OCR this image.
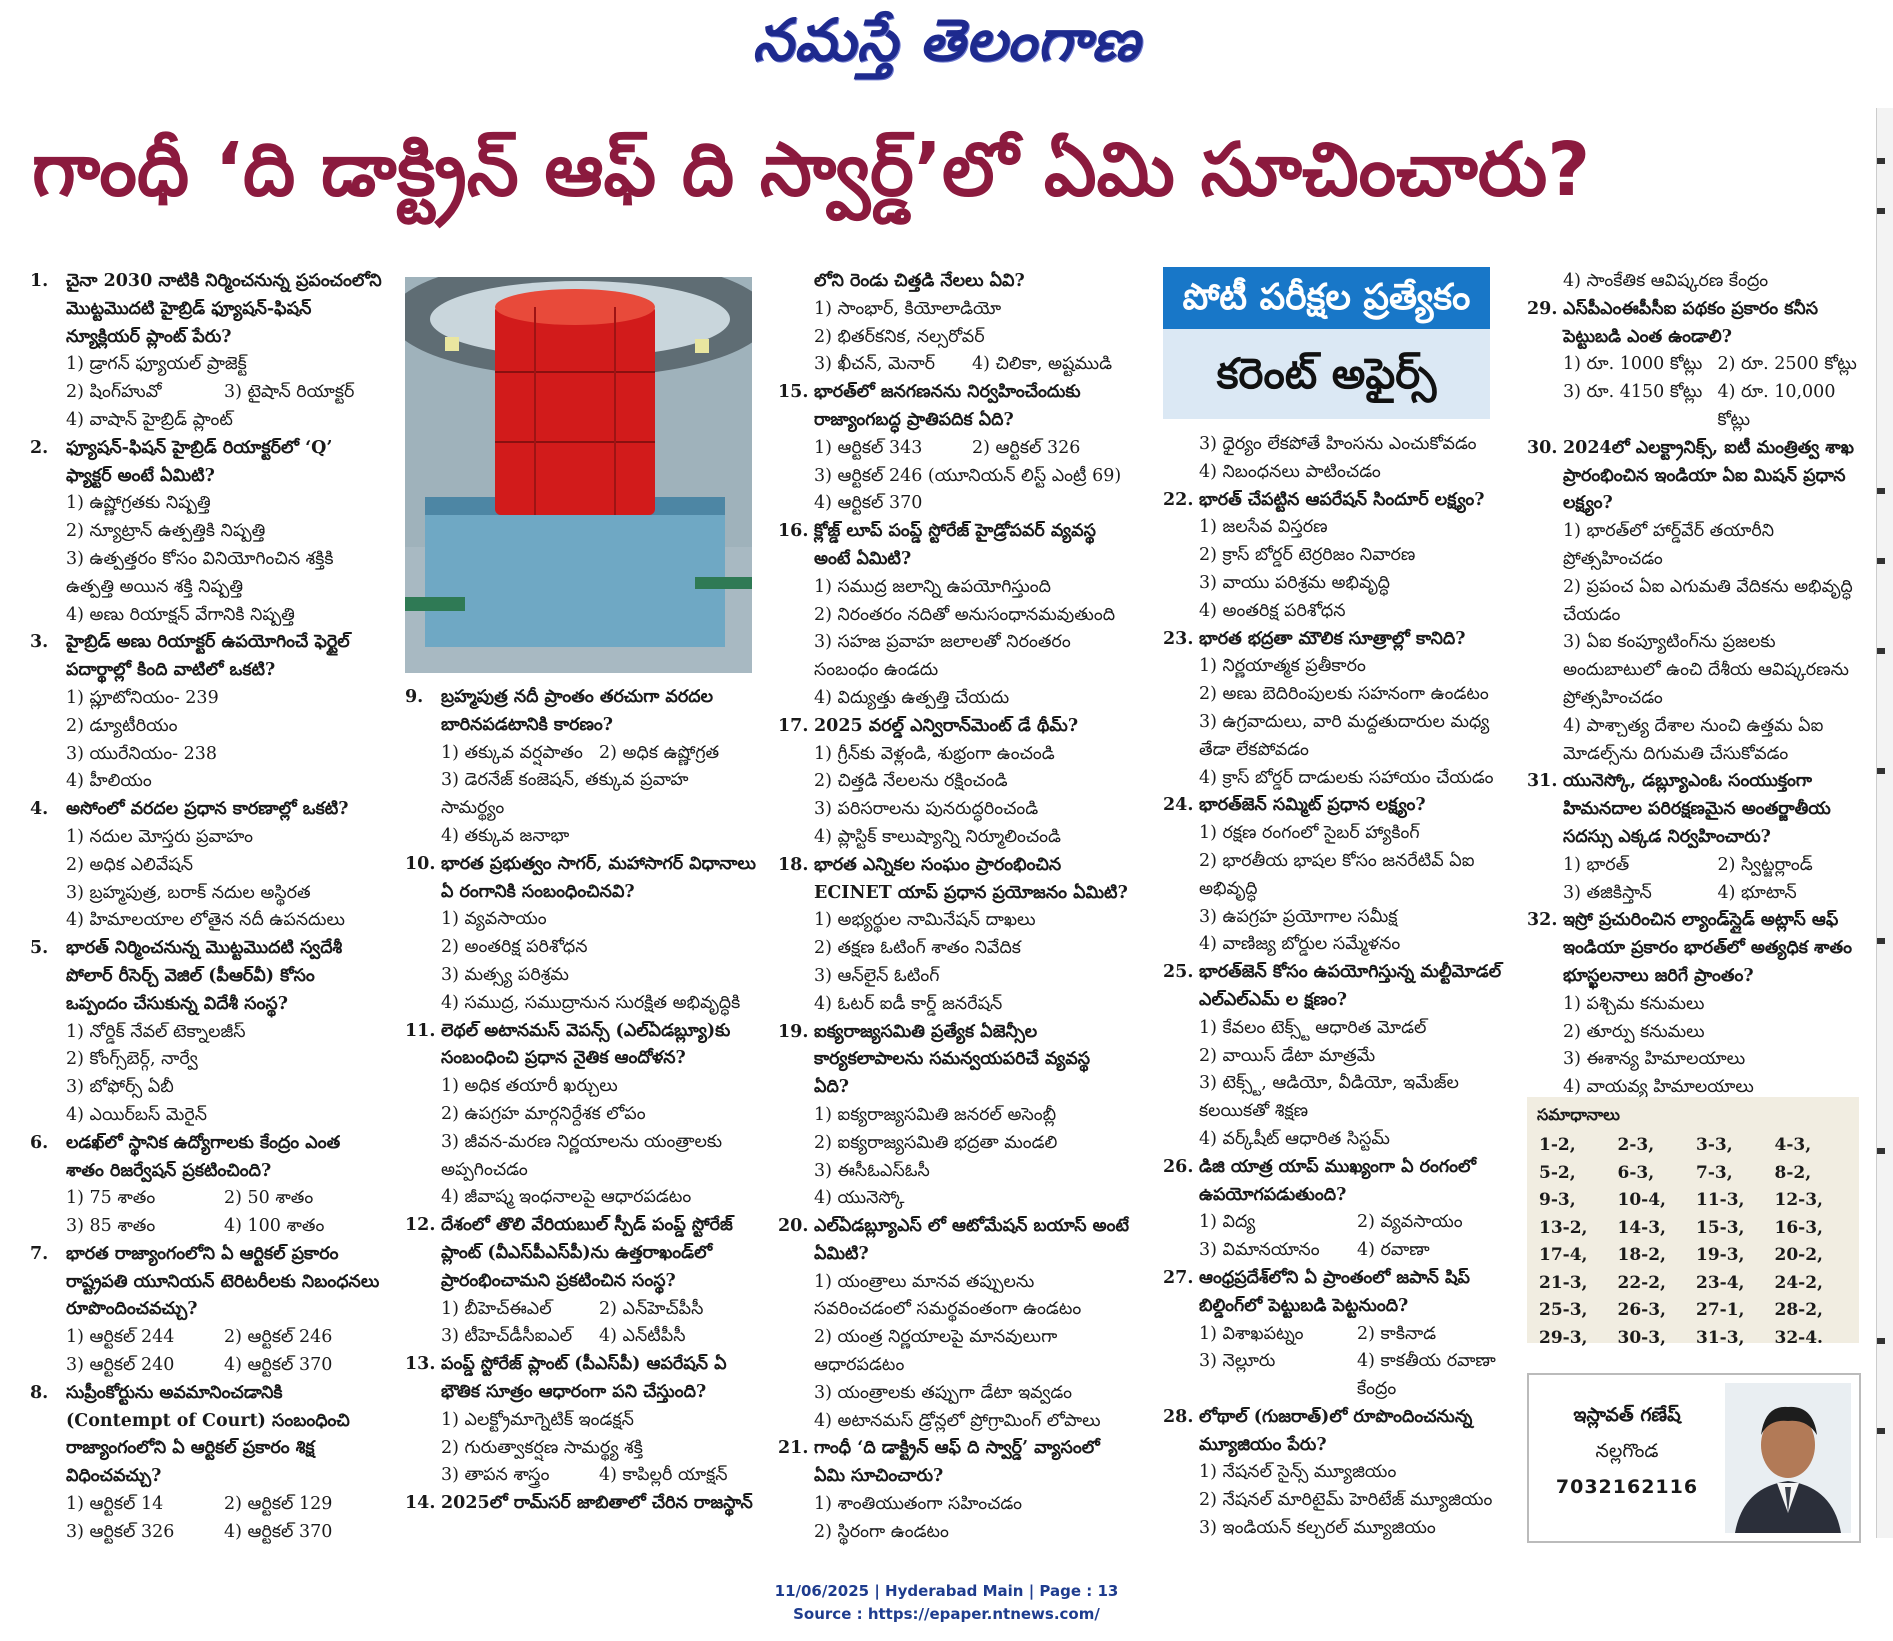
నమస్తే తెలంగాణ
గాంధీ ‘ది డాక్ట్రిన్ ఆఫ్ ది స్వార్డ్’లో ఏమి సూచించారు?

1.	చైనా 2030 నాటికి నిర్మించనున్న ప్రపంచంలోని మొట్టమొదటి హైబ్రిడ్ ఫ్యూషన్-ఫిషన్ న్యూక్లియర్ ప్లాంట్ పేరు?

1) డ్రాగన్ ఫ్యూయల్ ప్రాజెక్ట్

2) షింగ్‌హువో	3) టైషాన్ రియాక్టర్

4) వాషాన్ హైబ్రిడ్ ప్లాంట్

2.	ఫ్యూషన్-ఫిషన్ హైబ్రిడ్ రియాక్టర్‌లో ‘Q’ ఫ్యాక్టర్ అంటే ఏమిటి?

1) ఉష్ణోగ్రతకు నిష్పత్తి

2) న్యూట్రాన్ ఉత్పత్తికి నిష్పత్తి

3) ఉత్పత్తరం కోసం వినియోగించిన శక్తికి ఉత్పత్తి అయిన శక్తి నిష్పత్తి

4) అణు రియాక్షన్ వేగానికి నిష్పత్తి

3.	హైబ్రిడ్ అణు రియాక్టర్ ఉపయోగించే ఫెర్టైల్ పదార్థాల్లో కింది వాటిలో ఒకటి?

1) ప్లూటోనియం- 239

2) డ్యూటీరియం

3) యురేనియం- 238

4) హీలియం

4.	అసోంలో వరదల ప్రధాన కారణాల్లో ఒకటి?

1) నదుల మోస్తరు ప్రవాహం

2) అధిక ఎలివేషన్

3) బ్రహ్మపుత్ర, బరాక్ నదుల అస్థిరత

4) హిమాలయాల లోతైన నదీ ఉపనదులు

5.	భారత్ నిర్మించనున్న మొట్టమొదటి స్వదేశీ పోలార్ రీసెర్చ్ వెజిల్ (పీఆర్‌వీ) కోసం ఒప్పందం చేసుకున్న విదేశీ సంస్థ?

1) నోర్డిక్ నేవల్ టెక్నాలజీస్

2) కోంగ్స్‌బెర్గ్, నార్వే

3) బోఫోర్స్ ఏబీ

4) ఎయిర్‌బస్ మెరైన్

6.	లడఖ్‌లో స్థానిక ఉద్యోగాలకు కేంద్రం ఎంత శాతం రిజర్వేషన్ ప్రకటించింది?

1) 75 శాతం	2) 50 శాతం

3) 85 శాతం	4) 100 శాతం

7.	భారత రాజ్యాంగంలోని ఏ ఆర్టికల్ ప్రకారం రాష్ట్రపతి యూనియన్ టెరిటరీలకు నిబంధనలు రూపొందించవచ్చు?

1) ఆర్టికల్ 244	2) ఆర్టికల్ 246

3) ఆర్టికల్ 240	4) ఆర్టికల్ 370

8.	సుప్రీంకోర్టును అవమానించడానికి (Contempt of Court) సంబంధించి రాజ్యాంగంలోని ఏ ఆర్టికల్ ప్రకారం శిక్ష విధించవచ్చు?

1) ఆర్టికల్ 14	2) ఆర్టికల్ 129

3) ఆర్టికల్ 326	4) ఆర్టికల్ 370

9.	బ్రహ్మపుత్ర నదీ ప్రాంతం తరచుగా వరదల బారినపడటానికి కారణం?

1) తక్కువ వర్షపాతం 2) అధిక ఉష్ణోగ్రత

3) డెరనేజ్ కంజెషన్, తక్కువ ప్రవాహ సామర్థ్యం

4) తక్కువ జనాభా

10. భారత ప్రభుత్వం సాగర్, మహాసాగర్ విధానాలు ఏ రంగానికి సంబంధించినవి?

1) వ్యవసాయం

2) అంతరిక్ష పరిశోధన

3) మత్స్య పరిశ్రమ

4) సముద్ర, సముద్రానున సురక్షిత అభివృద్ధికి

11. లెథల్ అటానమస్ వెపన్స్ (ఎల్ఏడబ్ల్యూ)కు సంబంధించి ప్రధాన నైతిక ఆందోళన?

1) అధిక తయారీ ఖర్చులు

2) ఉపగ్రహ మార్గనిర్దేశక లోపం

3) జీవన-మరణ నిర్ణయాలను యంత్రాలకు అప్పగించడం

4) జీవాష్మ ఇంధనాలపై ఆధారపడటం

12. దేశంలో తొలి వేరియబుల్ స్పీడ్ పంప్డ్ స్టోరేజ్ ప్లాంట్ (వీఎస్‌పీఎస్‌పీ)ను ఉత్తరాఖండ్‌లో ప్రారంభించామని ప్రకటించిన సంస్థ?

1) బీహెచ్ఈఎల్	2) ఎన్‌హెచ్‌పీసీ

3) టీహెచ్‌డీసీఐఎల్	4) ఎన్‌టీపీసీ

13. పంప్డ్ స్టోరేజ్ ప్లాంట్ (పీఎస్‌పీ) ఆపరేషన్ ఏ భౌతిక సూత్రం ఆధారంగా పని చేస్తుంది?

1) ఎలక్ట్రోమాగ్నెటిక్ ఇండక్షన్

2) గురుత్వాకర్షణ సామర్థ్య శక్తి

3) తాపన శాస్త్రం	4) కాపిల్లరీ యాక్షన్

14. 2025లో రామ్‌సర్ జాబితాలో చేరిన రాజస్థాన్

లోని రెండు చిత్తడి నేలలు ఏవి?

1) సాంభార్, కియోలాడియో

2) భితర్‌కనిక, నల్సరోవర్

3) ఖీచన్, మెనార్	4) చిలికా, అష్టముడి

15. భారత్‌లో జనగణనను నిర్వహించేందుకు రాజ్యాంగబద్ధ ప్రాతిపదిక ఏది?

1) ఆర్టికల్ 343	2) ఆర్టికల్ 326

3) ఆర్టికల్ 246 (యూనియన్ లిస్ట్ ఎంట్రీ 69)

4) ఆర్టికల్ 370

16. క్లోజ్డ్ లూప్ పంప్డ్ స్టోరేజ్ హైడ్రోపవర్ వ్యవస్థ అంటే ఏమిటి?

1) సముద్ర జలాన్ని ఉపయోగిస్తుంది

2) నిరంతరం నదితో అనుసంధానమవుతుంది

3) సహజ ప్రవాహ జలాలతో నిరంతరం సంబంధం ఉండదు

4) విద్యుత్తు ఉత్పత్తి చేయదు

17. 2025 వరల్డ్ ఎన్విరాన్‌మెంట్ డే థీమ్?

1) గ్రీన్‌కు వెళ్లండి, శుభ్రంగా ఉంచండి

2) చిత్తడి నేలలను రక్షించండి

3) పరిసరాలను పునరుద్ధరించండి

4) ప్లాస్టిక్ కాలుష్యాన్ని నిర్మూలించండి

18. భారత ఎన్నికల సంఘం ప్రారంభించిన ECINET యాప్ ప్రధాన ప్రయోజనం ఏమిటి?

1) అభ్యర్థుల నామినేషన్ దాఖలు

2) తక్షణ ఓటింగ్ శాతం నివేదిక

3) ఆన్‌లైన్ ఓటింగ్

4) ఓటర్ ఐడీ కార్డ్ జనరేషన్

19. ఐక్యరాజ్యసమితి ప్రత్యేక ఏజెన్సీల కార్యకలాపాలను సమన్వయపరిచే వ్యవస్థ ఏది?

1) ఐక్యరాజ్యసమితి జనరల్ అసెంబ్లీ

2) ఐక్యరాజ్యసమితి భద్రతా మండలి

3) ఈసీఓఎస్ఓసీ

4) యునెస్కో

20. ఎల్ఏడబ్ల్యూఎస్ లో ఆటోమేషన్ బయాస్ అంటే ఏమిటి?

1) యంత్రాలు మానవ తప్పులను సవరించడంలో సమర్థవంతంగా ఉండటం

2) యంత్ర నిర్ణయాలపై మానవులుగా ఆధారపడటం

3) యంత్రాలకు తప్పుగా డేటా ఇవ్వడం

4) అటానమస్ డ్రోన్లలో ప్రోగ్రామింగ్ లోపాలు

21. గాంధీ ‘ది డాక్ట్రిన్ ఆఫ్ ది స్వార్డ్’ వ్యాసంలో ఏమి సూచించారు?

1) శాంతియుతంగా సహించడం

2) స్థిరంగా ఉండటం

పోటీ పరీక్షల ప్రత్యేకం
కరెంట్ అఫైర్స్

3) ధైర్యం లేకపోతే హింసను ఎంచుకోవడం

4) నిబంధనలు పాటించడం

22. భారత్ చేపట్టిన ఆపరేషన్ సిందూర్ లక్ష్యం?

1) జలసేవ విస్తరణ

2) క్రాస్ బోర్డర్ టెర్రరిజం నివారణ

3) వాయు పరిశ్రమ అభివృద్ధి

4) అంతరిక్ష పరిశోధన

23. భారత భద్రతా మౌలిక సూత్రాల్లో కానిది?

1) నిర్ణయాత్మక ప్రతీకారం

2) అణు బెదిరింపులకు సహనంగా ఉండటం

3) ఉగ్రవాదులు, వారి మద్దతుదారుల మధ్య తేడా లేకపోవడం

4) క్రాస్ బోర్డర్ దాడులకు సహాయం చేయడం

24. భారత్‌జెన్ సమ్మిట్ ప్రధాన లక్ష్యం?

1) రక్షణ రంగంలో సైబర్ హ్యాకింగ్

2) భారతీయ భాషల కోసం జనరేటివ్ ఏఐ అభివృద్ధి

3) ఉపగ్రహ ప్రయోగాల సమీక్ష

4) వాణిజ్య బోర్డుల సమ్మేళనం

25. భారత్‌జెన్ కోసం ఉపయోగిస్తున్న మల్టీమోడల్ ఎల్ఎల్ఎమ్ ల క్షణం?

1) కేవలం టెక్స్ట్ ఆధారిత మోడల్

2) వాయిస్ డేటా మాత్రమే

3) టెక్స్ట్, ఆడియో, వీడియో, ఇమేజ్‌ల కలయికతో శిక్షణ

4) వర్క్‌షీట్ ఆధారిత సిస్టమ్

26. డిజి యాత్ర యాప్ ముఖ్యంగా ఏ రంగంలో ఉపయోగపడుతుంది?

1) విద్య	2) వ్యవసాయం

3) విమానయానం	4) రవాణా

27. ఆంధ్రప్రదేశ్‌లోని ఏ ప్రాంతంలో జపాన్ షిప్ బిల్డింగ్‌లో పెట్టుబడి పెట్టనుంది?

1) విశాఖపట్నం	2) కాకినాడ

3) నెల్లూరు	4) కాకతీయ రవాణా కేంద్రం

28. లోథాల్ (గుజరాత్)లో రూపొందించనున్న మ్యూజియం పేరు?

1) నేషనల్ సైన్స్ మ్యూజియం

2) నేషనల్ మారిటైమ్ హెరిటేజ్ మ్యూజియం

3) ఇండియన్ కల్చరల్ మ్యూజియం

4) సాంకేతిక ఆవిష్కరణ కేంద్రం

29. ఎస్‌పీఎంఈపీసీఐ పథకం ప్రకారం కనీస పెట్టుబడి ఎంత ఉండాలి?

1) రూ. 1000 కోట్లు 2) రూ. 2500 కోట్లు

3) రూ. 4150 కోట్లు 4) రూ. 10,000 కోట్లు

30. 2024లో ఎలక్ట్రానిక్స్, ఐటీ మంత్రిత్వ శాఖ ప్రారంభించిన ఇండియా ఏఐ మిషన్ ప్రధాన లక్ష్యం?

1) భారత్‌లో హార్డ్‌వేర్ తయారీని ప్రోత్సహించడం

2) ప్రపంచ ఏఐ ఎగుమతి వేదికను అభివృద్ధి చేయడం

3) ఏఐ కంప్యూటింగ్‌ను ప్రజలకు అందుబాటులో ఉంచి దేశీయ ఆవిష్కరణను ప్రోత్సహించడం

4) పాశ్చాత్య దేశాల నుంచి ఉత్తమ ఏఐ మోడల్స్‌ను దిగుమతి చేసుకోవడం

31. యునెస్కో, డబ్ల్యూఎంఓ సంయుక్తంగా హిమనదాల పరిరక్షణమైన అంతర్జాతీయ సదస్సు ఎక్కడ నిర్వహించారు?

1) భారత్	2) స్విట్జర్లాండ్

3) తజికిస్తాన్	4) భూటాన్

32. ఇస్రో ప్రచురించిన ల్యాండ్‌స్లైడ్ అట్లాస్ ఆఫ్ ఇండియా ప్రకారం భారత్‌లో అత్యధిక శాతం భూస్ఖలనాలు జరిగే ప్రాంతం?

1) పశ్చిమ కనుమలు

2) తూర్పు కనుమలు

3) ఈశాన్య హిమాలయాలు

4) వాయవ్య హిమాలయాలు

సమాధానాలు
1-2,	2-3,	3-3,	4-3,
5-2,	6-3,	7-3,	8-2,
9-3,	10-4,	11-3,	12-3,
13-2,	14-3,	15-3,	16-3,
17-4,	18-2,	19-3,	20-2,
21-3,	22-2,	23-4,	24-2,
25-3,	26-3,	27-1,	28-2,
29-3,	30-3,	31-3,	32-4.
ఇస్లావత్ గణేష్
నల్లగొండ
7032162116
11/06/2025 | Hyderabad Main | Page : 13
Source : https://epaper.ntnews.com/
